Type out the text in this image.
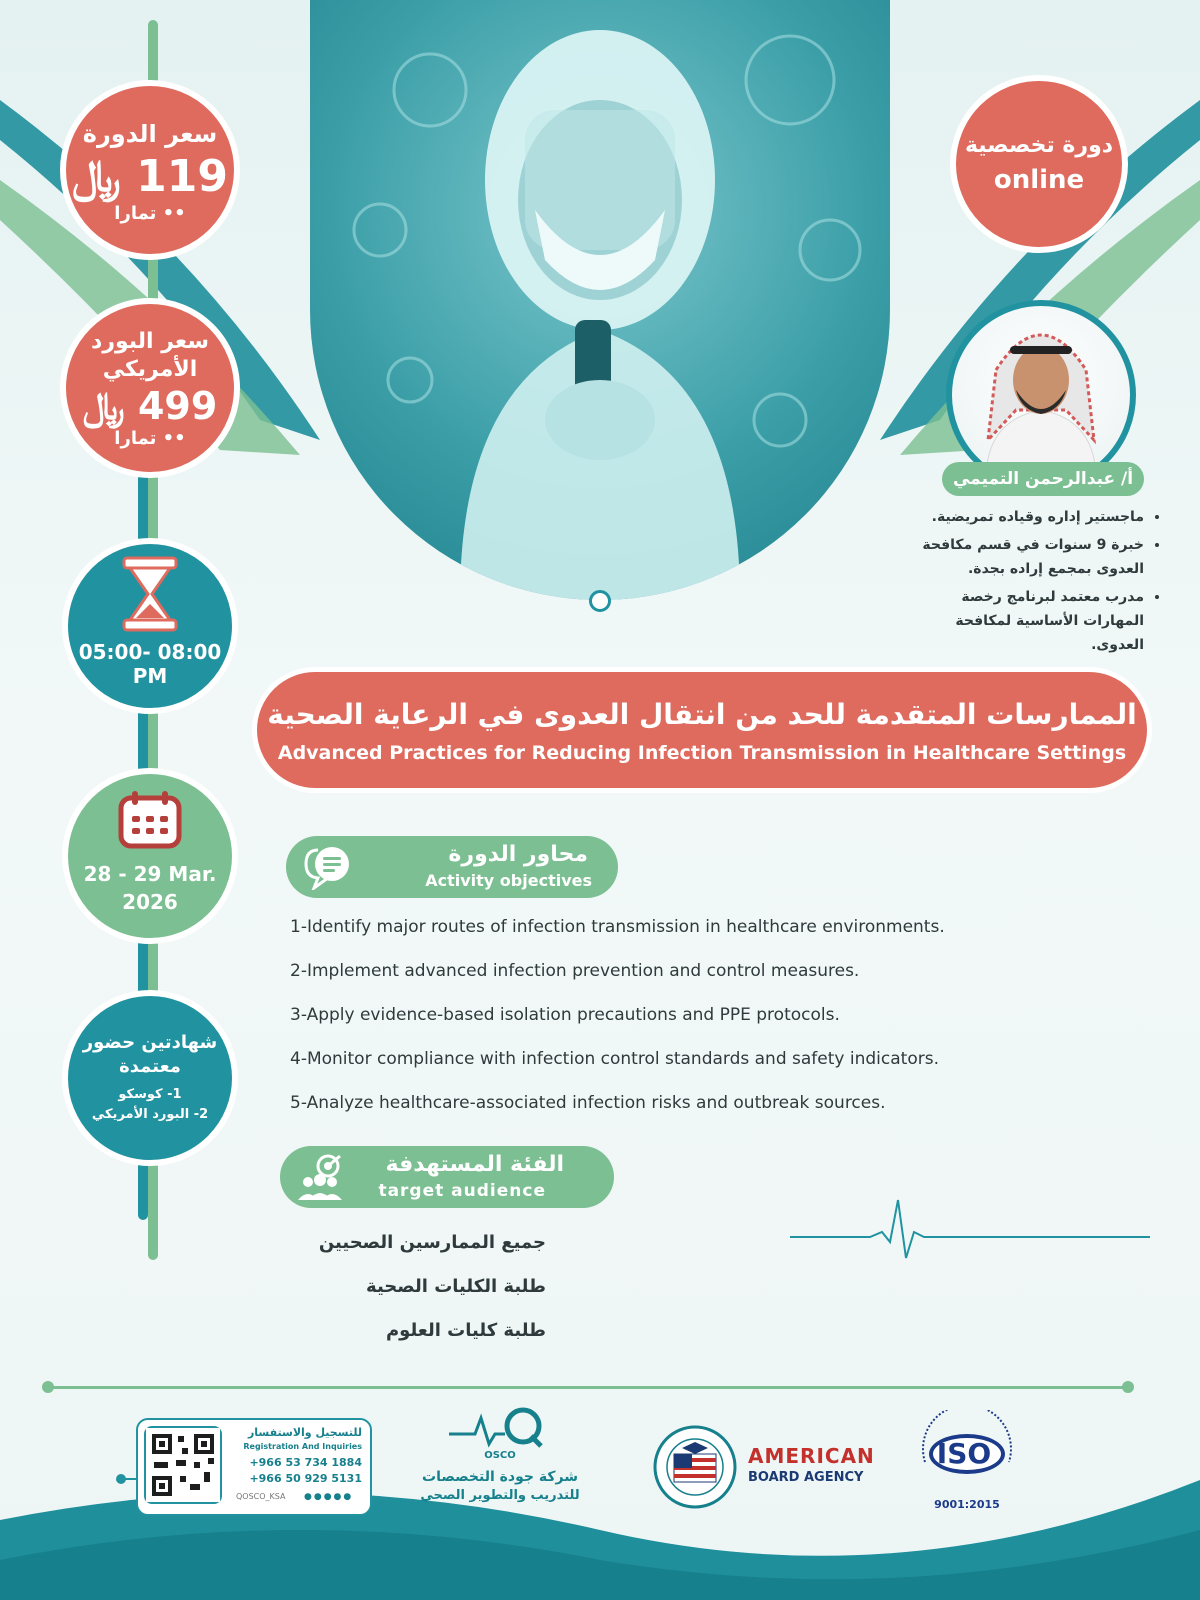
سعر الدورة
119 ﷼
•• تمارا
سعر البورد
الأمريكي
499 ﷼
•• تمارا
05:00- 08:00
PM
28 - 29 Mar.
2026
شهادتين حضور
معتمدة
1- كوسكو
2- البورد الأمريكي
دورة تخصصية
online
أ/ عبدالرحمن التميمي
• ماجستير إداره وقياده تمريضية.
• خبرة 9 سنوات في قسم مكافحة العدوى بمجمع إراده بجدة.
• مدرب معتمد لبرنامج رخصة المهارات الأساسية لمكافحة العدوى.
الممارسات المتقدمة للحد من انتقال العدوى في الرعاية الصحية
Advanced Practices for Reducing Infection Transmission in Healthcare Settings
محاور الدورة
Activity objectives
1-Identify major routes of infection transmission in healthcare environments.
2-Implement advanced infection prevention and control measures.
3-Apply evidence-based isolation precautions and PPE protocols.
4-Monitor compliance with infection control standards and safety indicators.
5-Analyze healthcare-associated infection risks and outbreak sources.
الفئة المستهدفة
target audience
جميع الممارسين الصحيين
طلبة الكليات الصحية
طلبة كليات العلوم
للتسجيل والاستفسار
Registration And Inquiries
+966 53 734 1884
+966 50 929 5131
QOSCO_KSA ●●●●●
OSCO
شركة جودة التخصصات
للتدريب والتطوير الصحي
AMERICAN
BOARD AGENCY
ISO
9001:2015
